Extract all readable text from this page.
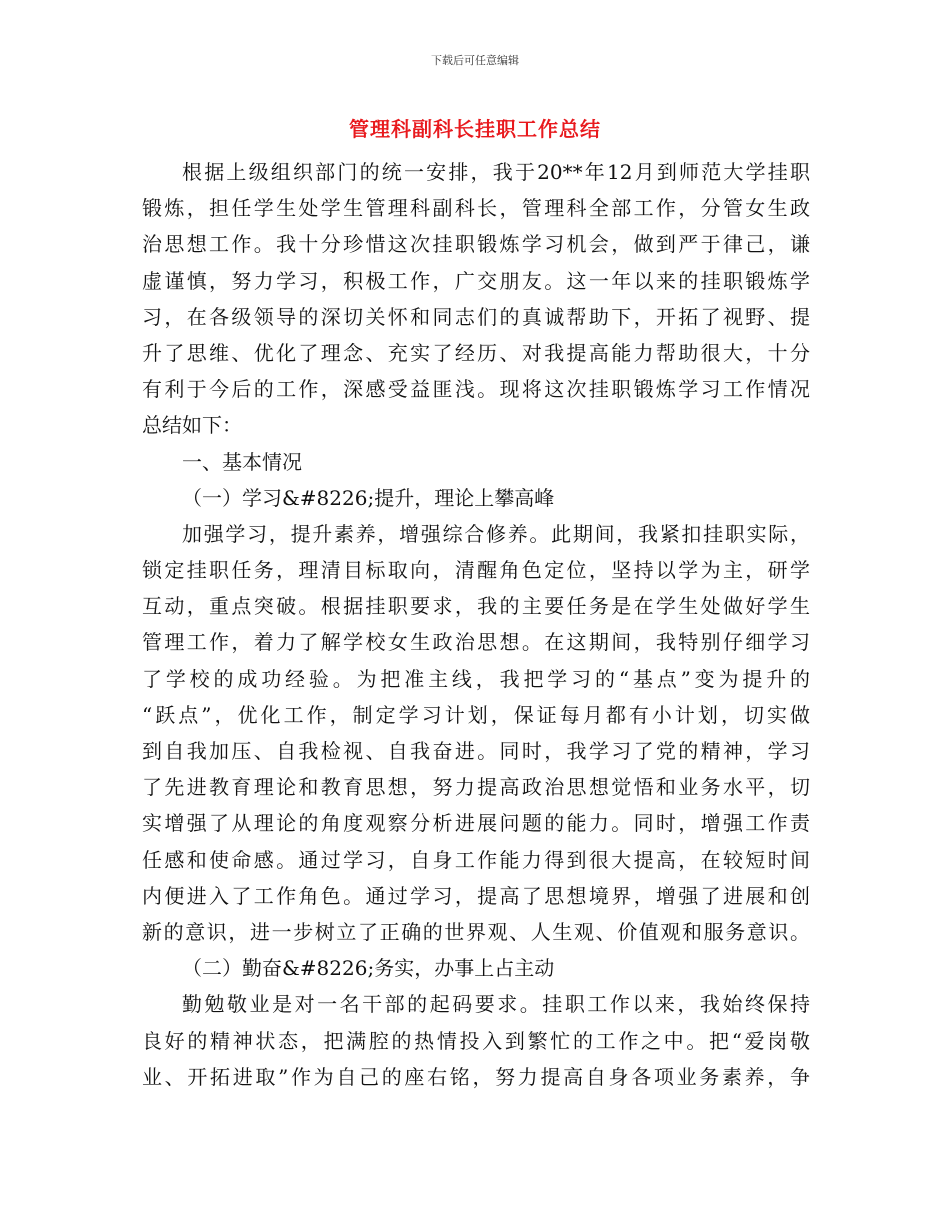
下载后可任意编辑
管理科副科长挂职工作总结
根据上级组织部门的统一安排，我于20**年12月到师范大学挂职
锻炼，担任学生处学生管理科副科长，管理科全部工作，分管女生政
治思想工作。我十分珍惜这次挂职锻炼学习机会，做到严于律己，谦
虚谨慎，努力学习，积极工作，广交朋友。这一年以来的挂职锻炼学
习，在各级领导的深切关怀和同志们的真诚帮助下，开拓了视野、提
升了思维、优化了理念、充实了经历、对我提高能力帮助很大，十分
有利于今后的工作，深感受益匪浅。现将这次挂职锻炼学习工作情况
总结如下：
一、基本情况
（一）学习&#8226;提升，理论上攀高峰
加强学习，提升素养，增强综合修养。此期间，我紧扣挂职实际，
锁定挂职任务，理清目标取向，清醒角色定位，坚持以学为主，研学
互动，重点突破。根据挂职要求，我的主要任务是在学生处做好学生
管理工作，着力了解学校女生政治思想。在这期间，我特别仔细学习
了学校的成功经验。为把准主线，我把学习的“基点”变为提升的
“跃点”，优化工作，制定学习计划，保证每月都有小计划，切实做
到自我加压、自我检视、自我奋进。同时，我学习了党的精神，学习
了先进教育理论和教育思想，努力提高政治思想觉悟和业务水平，切
实增强了从理论的角度观察分析进展问题的能力。同时，增强工作责
任感和使命感。通过学习，自身工作能力得到很大提高，在较短时间
内便进入了工作角色。通过学习，提高了思想境界，增强了进展和创
新的意识，进一步树立了正确的世界观、人生观、价值观和服务意识。
（二）勤奋&#8226;务实，办事上占主动
勤勉敬业是对一名干部的起码要求。挂职工作以来，我始终保持
良好的精神状态，把满腔的热情投入到繁忙的工作之中。把“爱岗敬
业、开拓进取”作为自己的座右铭，努力提高自身各项业务素养，争
